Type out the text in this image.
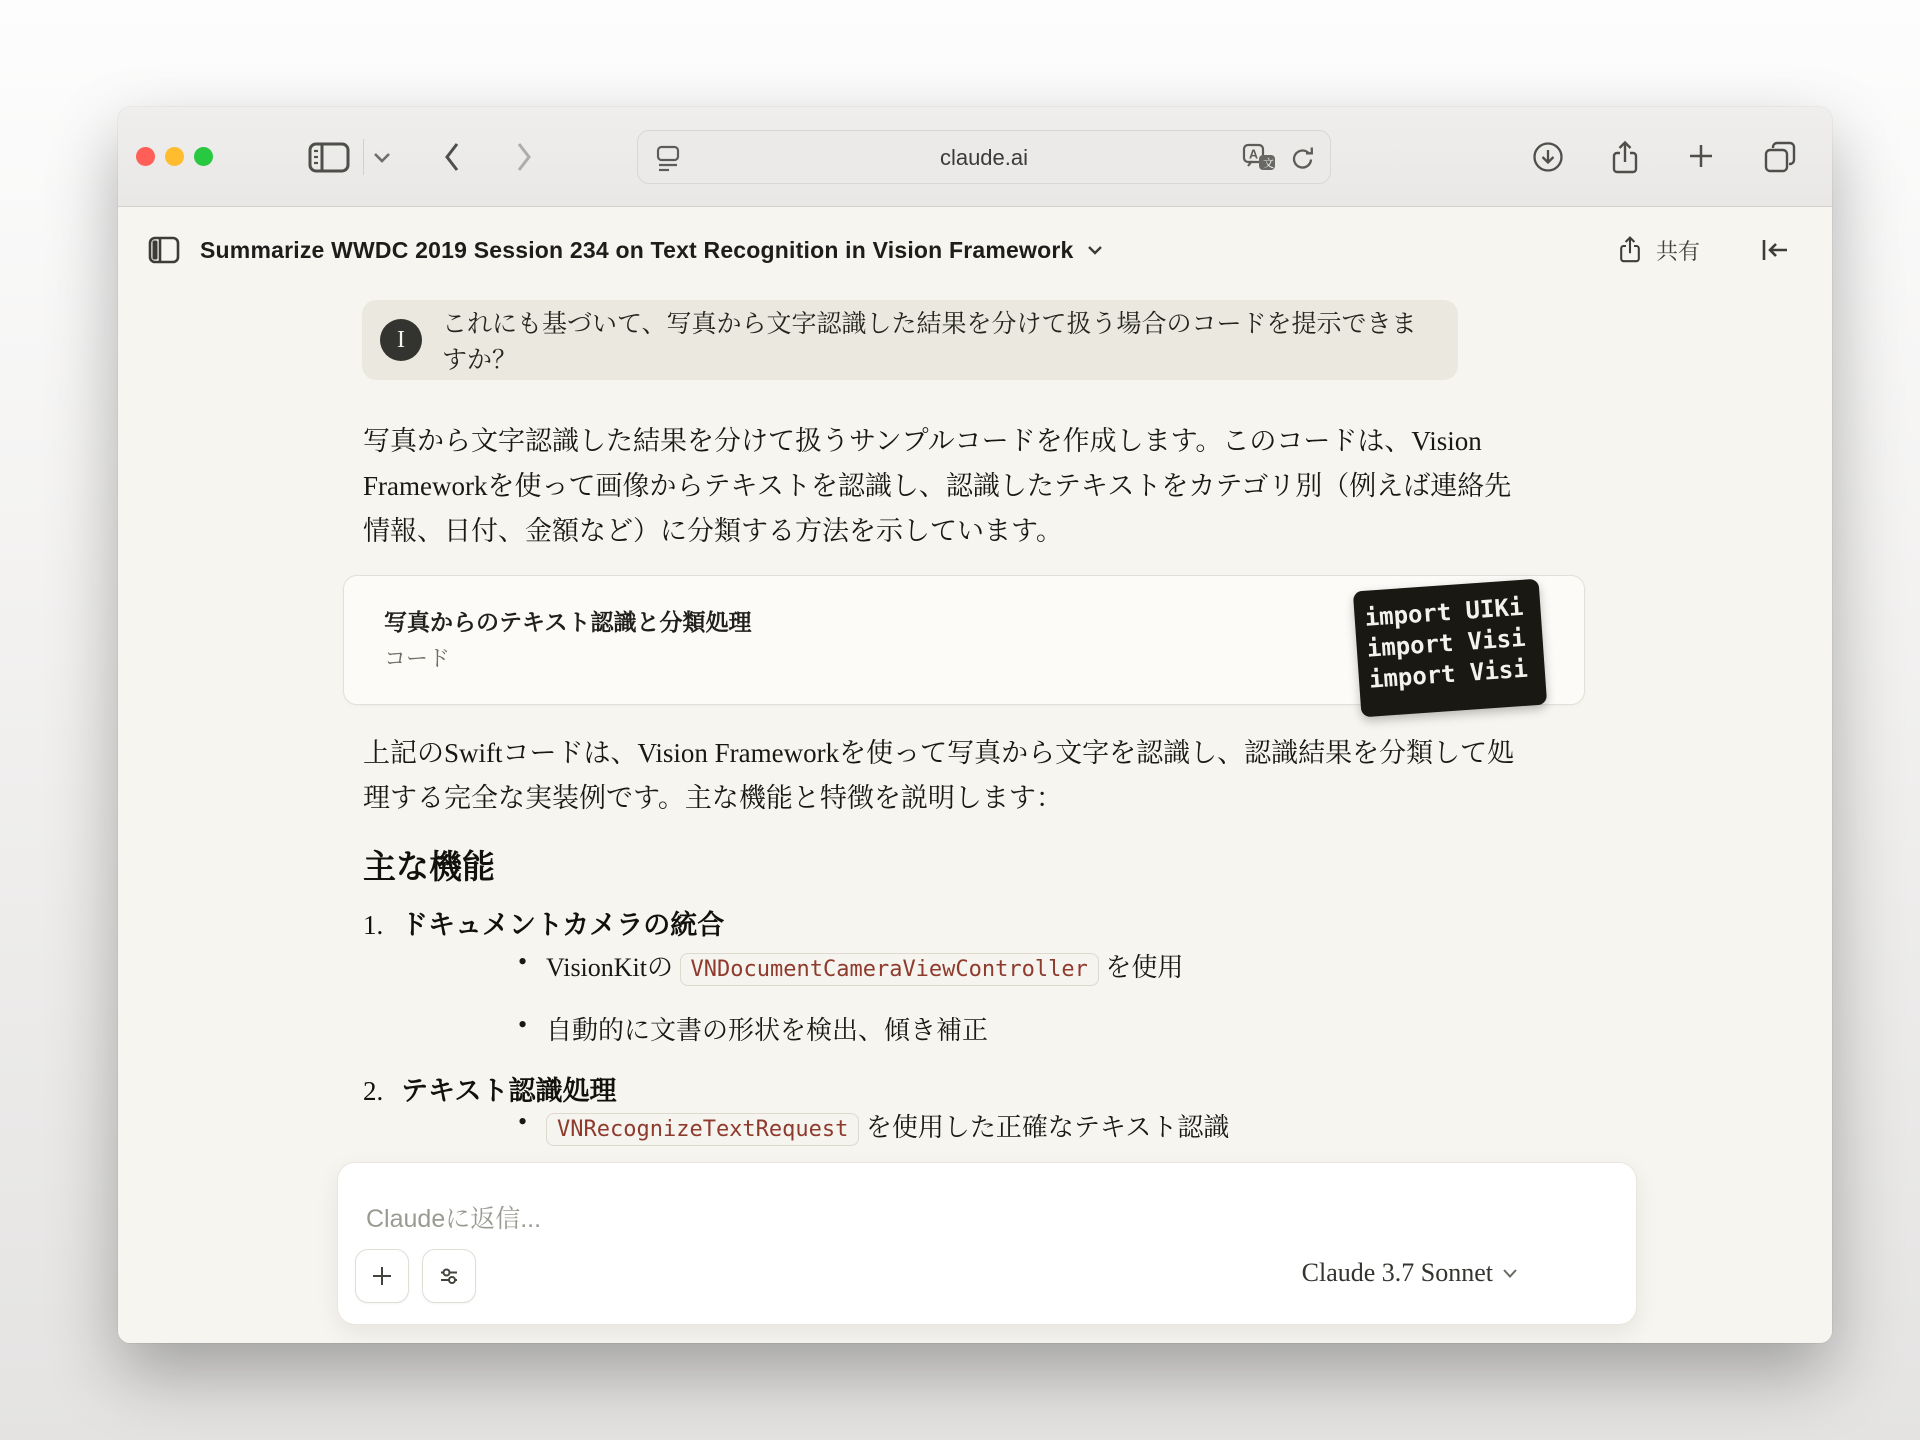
claude.ai	A
文
Summarize WWDC 2019 Session 234 on Text Recognition in Vision Framework	共有
I
これにも基づいて、写真から文字認識した結果を分けて扱う場合のコードを提示できますか？

写真から文字認識した結果を分けて扱うサンプルコードを作成します。このコードは、Vision Frameworkを使って画像からテキストを認識し、認識したテキストをカテゴリ別（例えば連絡先情報、日付、金額など）に分類する方法を示しています。

写真からのテキスト認識と分類処理
コード
import UIKi
import Visi
import Visi

上記のSwiftコードは、Vision Frameworkを使って写真から文字を認識し、認識結果を分類して処理する完全な実装例です。主な機能と特徴を説明します：

主な機能
1. ドキュメントカメラの統合
• VisionKitの VNDocumentCameraViewController を使用
• 自動的に文書の形状を検出、傾き補正
2. テキスト認識処理
• VNRecognizeTextRequest を使用した正確なテキスト認識
Claudeに返信...
Claude 3.7 Sonnet
